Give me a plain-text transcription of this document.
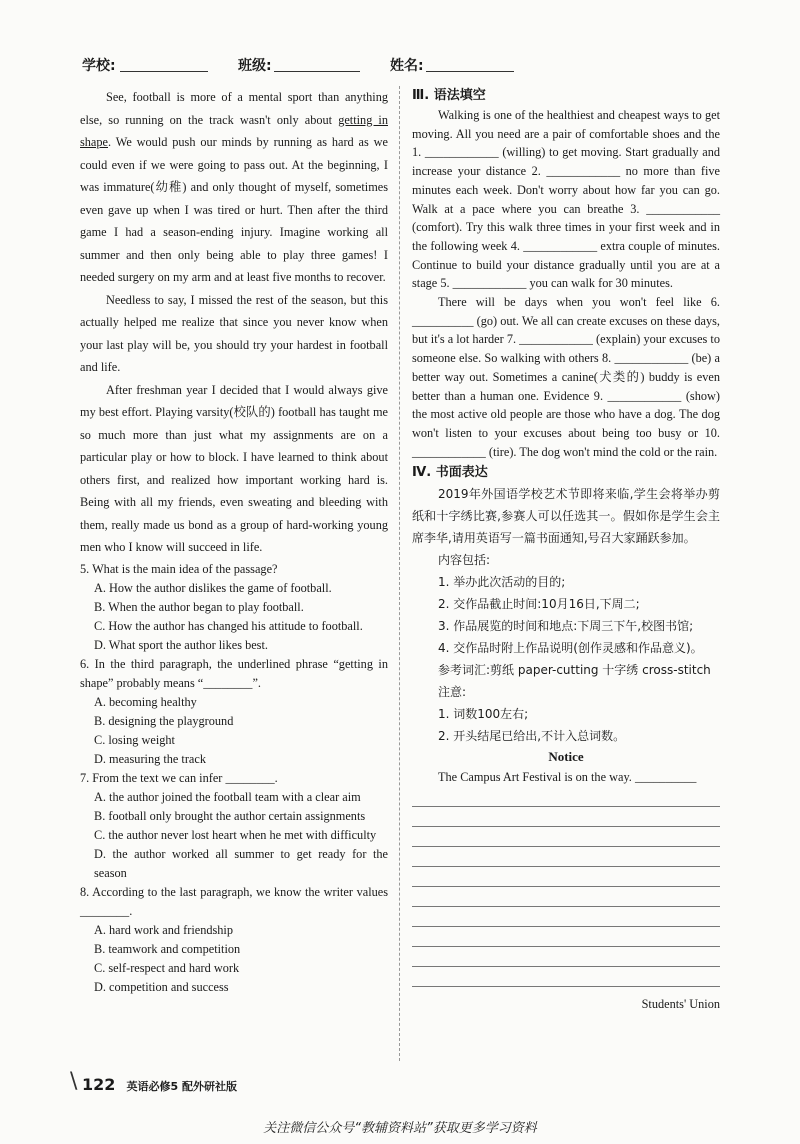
学校:	班级:	姓名:

See, football is more of a mental sport than anything else, so running on the track wasn't only about getting in shape. We would push our minds by running as hard as we could even if we were going to pass out. At the beginning, I was immature(幼稚) and only thought of myself, sometimes even gave up when I was tired or hurt. Then after the third game I had a season-ending injury. Imagine working all summer and then only being able to play three games! I needed surgery on my arm and at least five months to recover.

Needless to say, I missed the rest of the season, but this actually helped me realize that since you never know when your last play will be, you should try your hardest in football and life.

After freshman year I decided that I would always give my best effort. Playing varsity(校队的) football has taught me so much more than just what my assignments are on a particular play or how to block. I have learned to think about others first, and realized how important working hard is. Being with all my friends, even sweating and bleeding with them, really made us bond as a group of hard-working young men who I know will succeed in life.

5. What is the main idea of the passage?

A. How the author dislikes the game of football.

B. When the author began to play football.

C. How the author has changed his attitude to football.

D. What sport the author likes best.

6. In the third paragraph, the underlined phrase “getting in shape” probably means “________”.

A. becoming healthy

B. designing the playground

C. losing weight

D. measuring the track

7. From the text we can infer ________.

A. the author joined the football team with a clear aim

B. football only brought the author certain assignments

C. the author never lost heart when he met with difficulty

D. the author worked all summer to get ready for the season

8. According to the last paragraph, we know the writer values ________.

A. hard work and friendship

B. teamwork and competition

C. self-respect and hard work

D. competition and success

Ⅲ. 语法填空

Walking is one of the healthiest and cheapest ways to get moving. All you need are a pair of comfortable shoes and the 1. ____________ (willing) to get moving. Start gradually and increase your distance 2. ____________ no more than five minutes each week. Don't worry about how far you can go. Walk at a pace where you can breathe 3. ____________ (comfort). Try this walk three times in your first week and in the following week 4. ____________ extra couple of minutes. Continue to build your distance gradually until you are at a stage 5. ____________ you can walk for 30 minutes.

There will be days when you won't feel like 6. __________ (go) out. We all can create excuses on these days, but it's a lot harder 7. ____________ (explain) your excuses to someone else. So walking with others 8. ____________ (be) a better way out. Sometimes a canine(犬类的) buddy is even better than a human one. Evidence 9. ____________ (show) the most active old people are those who have a dog. The dog won't listen to your excuses about being too busy or 10. ____________ (tire). The dog won't mind the cold or the rain.

Ⅳ. 书面表达

2019年外国语学校艺术节即将来临,学生会将举办剪纸和十字绣比赛,参赛人可以任选其一。假如你是学生会主席李华,请用英语写一篇书面通知,号召大家踊跃参加。

内容包括:

1. 举办此次活动的目的;

2. 交作品截止时间:10月16日,下周二;

3. 作品展览的时间和地点:下周三下午,校图书馆;

4. 交作品时附上作品说明(创作灵感和作品意义)。

参考词汇:剪纸 paper-cutting 十字绣 cross-stitch

注意:

1. 词数100左右;

2. 开头结尾已给出,不计入总词数。

Notice

The Campus Art Festival is on the way. __________

Students' Union

\ 122 英语必修5 配外研社版
关注微信公众号“教辅资料站”获取更多学习资料
